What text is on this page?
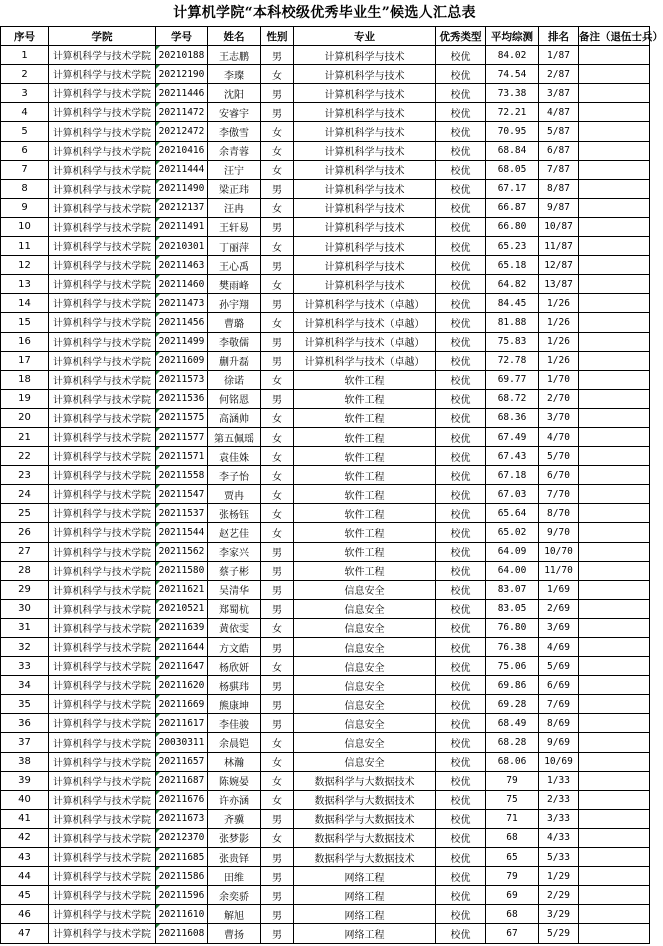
计算机学院“本科校级优秀毕业生”候选人汇总表
序号	学院	学号	姓名	性别	专业	优秀类型	平均综测	排名	备注（退伍士兵）
1	计算机科学与技术学院	20210188	王志鹏	男	计算机科学与技术	校优	84.02	1/87	
2	计算机科学与技术学院	20212190	李璨	女	计算机科学与技术	校优	74.54	2/87	
3	计算机科学与技术学院	20211446	沈阳	男	计算机科学与技术	校优	73.38	3/87	
4	计算机科学与技术学院	20211472	安睿宇	男	计算机科学与技术	校优	72.21	4/87	
5	计算机科学与技术学院	20212472	李傲雪	女	计算机科学与技术	校优	70.95	5/87	
6	计算机科学与技术学院	20210416	余青蓉	女	计算机科学与技术	校优	68.84	6/87	
7	计算机科学与技术学院	20211444	汪宁	女	计算机科学与技术	校优	68.05	7/87	
8	计算机科学与技术学院	20211490	梁正玮	男	计算机科学与技术	校优	67.17	8/87	
9	计算机科学与技术学院	20212137	汪冉	女	计算机科学与技术	校优	66.87	9/87	
10	计算机科学与技术学院	20211491	王轩易	男	计算机科学与技术	校优	66.80	10/87	
11	计算机科学与技术学院	20210301	丁丽萍	女	计算机科学与技术	校优	65.23	11/87	
12	计算机科学与技术学院	20211463	王心禹	男	计算机科学与技术	校优	65.18	12/87	
13	计算机科学与技术学院	20211460	樊雨峰	女	计算机科学与技术	校优	64.82	13/87	
14	计算机科学与技术学院	20211473	孙宇翔	男	计算机科学与技术（卓越）	校优	84.45	1/26	
15	计算机科学与技术学院	20211456	曹璐	女	计算机科学与技术（卓越）	校优	81.88	1/26	
16	计算机科学与技术学院	20211499	李敬儒	男	计算机科学与技术（卓越）	校优	75.83	1/26	
17	计算机科学与技术学院	20211609	蒯升磊	男	计算机科学与技术（卓越）	校优	72.78	1/26	
18	计算机科学与技术学院	20211573	徐诺	女	软件工程	校优	69.77	1/70	
19	计算机科学与技术学院	20211536	何铭恩	男	软件工程	校优	68.72	2/70	
20	计算机科学与技术学院	20211575	高涵帅	女	软件工程	校优	68.36	3/70	
21	计算机科学与技术学院	20211577	第五佩瑶	女	软件工程	校优	67.49	4/70	
22	计算机科学与技术学院	20211571	袁佳姝	女	软件工程	校优	67.43	5/70	
23	计算机科学与技术学院	20211558	李子怡	女	软件工程	校优	67.18	6/70	
24	计算机科学与技术学院	20211547	贾冉	女	软件工程	校优	67.03	7/70	
25	计算机科学与技术学院	20211537	张杨钰	女	软件工程	校优	65.64	8/70	
26	计算机科学与技术学院	20211544	赵艺佳	女	软件工程	校优	65.02	9/70	
27	计算机科学与技术学院	20211562	李家兴	男	软件工程	校优	64.09	10/70	
28	计算机科学与技术学院	20211580	蔡子彬	男	软件工程	校优	64.00	11/70	
29	计算机科学与技术学院	20211621	吴清华	男	信息安全	校优	83.07	1/69	
30	计算机科学与技术学院	20210521	郑蜀杭	男	信息安全	校优	83.05	2/69	
31	计算机科学与技术学院	20211639	黄依雯	女	信息安全	校优	76.80	3/69	
32	计算机科学与技术学院	20211644	方文皓	男	信息安全	校优	76.38	4/69	
33	计算机科学与技术学院	20211647	杨欣妍	女	信息安全	校优	75.06	5/69	
34	计算机科学与技术学院	20211620	杨骐玮	男	信息安全	校优	69.86	6/69	
35	计算机科学与技术学院	20211669	熊康坤	男	信息安全	校优	69.28	7/69	
36	计算机科学与技术学院	20211617	李佳骏	男	信息安全	校优	68.49	8/69	
37	计算机科学与技术学院	20030311	余晨铠	女	信息安全	校优	68.28	9/69	
38	计算机科学与技术学院	20211657	林瀚	女	信息安全	校优	68.06	10/69	
39	计算机科学与技术学院	20211687	陈婉晏	女	数据科学与大数据技术	校优	79	1/33	
40	计算机科学与技术学院	20211676	许亦涵	女	数据科学与大数据技术	校优	75	2/33	
41	计算机科学与技术学院	20211673	齐骥	男	数据科学与大数据技术	校优	71	3/33	
42	计算机科学与技术学院	20212370	张梦影	女	数据科学与大数据技术	校优	68	4/33	
43	计算机科学与技术学院	20211685	张贵铎	男	数据科学与大数据技术	校优	65	5/33	
44	计算机科学与技术学院	20211586	田维	男	网络工程	校优	79	1/29	
45	计算机科学与技术学院	20211596	余奕骄	男	网络工程	校优	69	2/29	
46	计算机科学与技术学院	20211610	解旭	男	网络工程	校优	68	3/29	
47	计算机科学与技术学院	20211608	曹扬	男	网络工程	校优	67	5/29	
